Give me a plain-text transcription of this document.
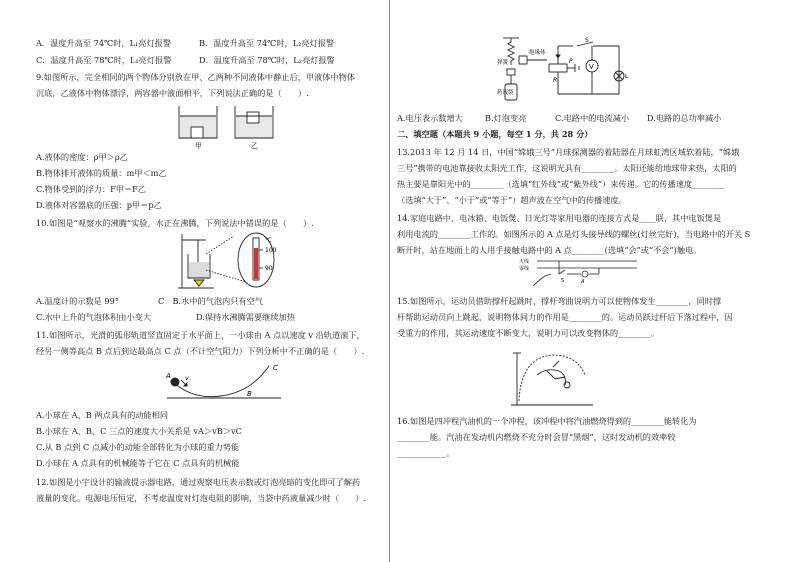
A．温度升高至 74℃时，L₁亮灯报警	B．温度升高至 74℃时，L₂亮灯报警
C．温度升高至 78℃时，L₁亮灯报警	D．温度升高至 78℃时，L₂亮灯报警
9.如图所示，完全相同的两个物体分别放在甲、乙两种不同液体中静止后，甲液体中物体
沉底，乙液体中物体漂浮，两容器中液面相平，下列说法正确的是（　　）.
甲	乙
A.液体的密度：ρ甲＞ρ乙
B.物体排开液体的质量：m甲＜m乙
C.物体受到的浮力：F甲＝F乙
D.液体对容器底的压强：p甲＝p乙
10.如图是“观察水的沸腾”实验，水正在沸腾，下列说法中错误的是（　　）.
℃
100
90
A.温度计的示数是 99°	C　B.水中的气泡内只有空气
C.水中上升的气泡体积由小变大	D.保持水沸腾需要继续加热
11.如图所示，光滑的弧形轨道竖直固定于水平面上，一小球由 A 点以速度 v 沿轨道滚下，
经另一侧等高点 B 点后到达最高点 C 点（不计空气阻力）下列分析中不正确的是（　　）.
A v
B
C
A.小球在 A、B 两点具有的动能相同
B.小球在 A、B、C 三点的速度大小关系是 vA＞vB＞vC
C.从 B 点到 C 点减小的动能全部转化为小球的重力势能
D.小球在 A 点具有的机械能等于它在 C 点具有的机械能
12.如图是小宇设计的输液提示器电路，通过观察电压表示数或灯泡亮暗的变化即可了解药
液量的变化。电源电压恒定，不考虑温度对灯泡电阻的影响，当袋中药液量减少时（　　）.
弹簧
绝缘体
药液袋
P
R
V
L
S
A.电压表示数增大	B.灯泡变亮	C.电路中的电流减小 D.电路的总功率减小
二、填空题（本题共 9 小题，每空 1 分，共 28 分）
13.2013 年 12 月 14 日，中国“嫦娥三号”月球探测器的着陆器在月球虹湾区域软着陆，“嫦娥
三号”携带的电池靠接收太阳光工作，这说明光具有________。太阳还能给地球带来热，太阳的
热主要是靠阳光中的________（选填“红外线”或“紫外线”）来传递。它的传播速度________
（选填“大于”、“小于”或“等于”）超声波在空气中的传播速度。
14.家庭电路中，电冰箱、电饭煲、日光灯等家用电器的连接方式是____联，其中电饭煲是
利用电流的________工作的。如图所示的 A 点是灯头接导线的螺丝(灯丝完好)，当电路中的开关 S
断开时，站在地面上的人用手接触电路中的 A 点________(选填“会”或“不会”)触电。
火线
零线
S	A
15.如图所示，运动员借助撑杆起跳时，撑杆弯曲说明力可以使物体发生________，同时撑
杆帮助运动员向上跳起，说明物体间力的作用是________的。运动员跃过杆后下落过程中，因
受重力的作用，其运动速度不断变大，说明力可以改变物体的________。
16.如图是四冲程汽油机的一个冲程，该冲程中将汽油燃烧得到的________能转化为
________能。汽油在发动机内燃烧不充分时会冒“黑烟”，这时发动机的效率较
____________。
